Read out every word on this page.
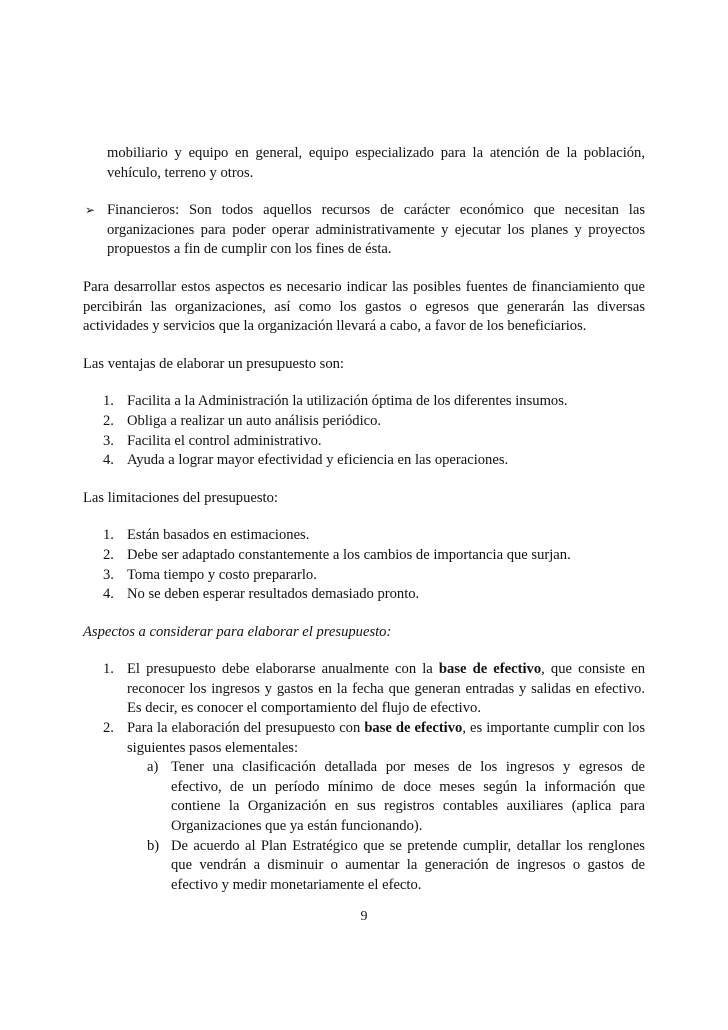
mobiliario y equipo en general, equipo especializado para la atención de la población, vehículo, terreno y otros.

➢ Financieros: Son todos aquellos recursos de carácter económico que necesitan las organizaciones para poder operar administrativamente y ejecutar los planes y proyectos propuestos a fin de cumplir con los fines de ésta.

Para desarrollar estos aspectos es necesario indicar las posibles fuentes de financiamiento que percibirán las organizaciones, así como los gastos o egresos que generarán las diversas actividades y servicios que la organización llevará a cabo, a favor de los beneficiarios.

Las ventajas de elaborar un presupuesto son:

1. Facilita a la Administración la utilización óptima de los diferentes insumos.
2. Obliga a realizar un auto análisis periódico.
3. Facilita el control administrativo.
4. Ayuda a lograr mayor efectividad y eficiencia en las operaciones.

Las limitaciones del presupuesto:

1. Están basados en estimaciones.
2. Debe ser adaptado constantemente a los cambios de importancia que surjan.
3. Toma tiempo y costo prepararlo.
4. No se deben esperar resultados demasiado pronto.

Aspectos a considerar para elaborar el presupuesto:

1. El presupuesto debe elaborarse anualmente con la base de efectivo, que consiste en reconocer los ingresos y gastos en la fecha que generan entradas y salidas en efectivo. Es decir, es conocer el comportamiento del flujo de efectivo.
2. Para la elaboración del presupuesto con base de efectivo, es importante cumplir con los siguientes pasos elementales:
a) Tener una clasificación detallada por meses de los ingresos y egresos de efectivo, de un período mínimo de doce meses según la información que contiene la Organización en sus registros contables auxiliares (aplica para Organizaciones que ya están funcionando).
b) De acuerdo al Plan Estratégico que se pretende cumplir, detallar los renglones que vendrán a disminuir o aumentar la generación de ingresos o gastos de efectivo y medir monetariamente el efecto.
9
